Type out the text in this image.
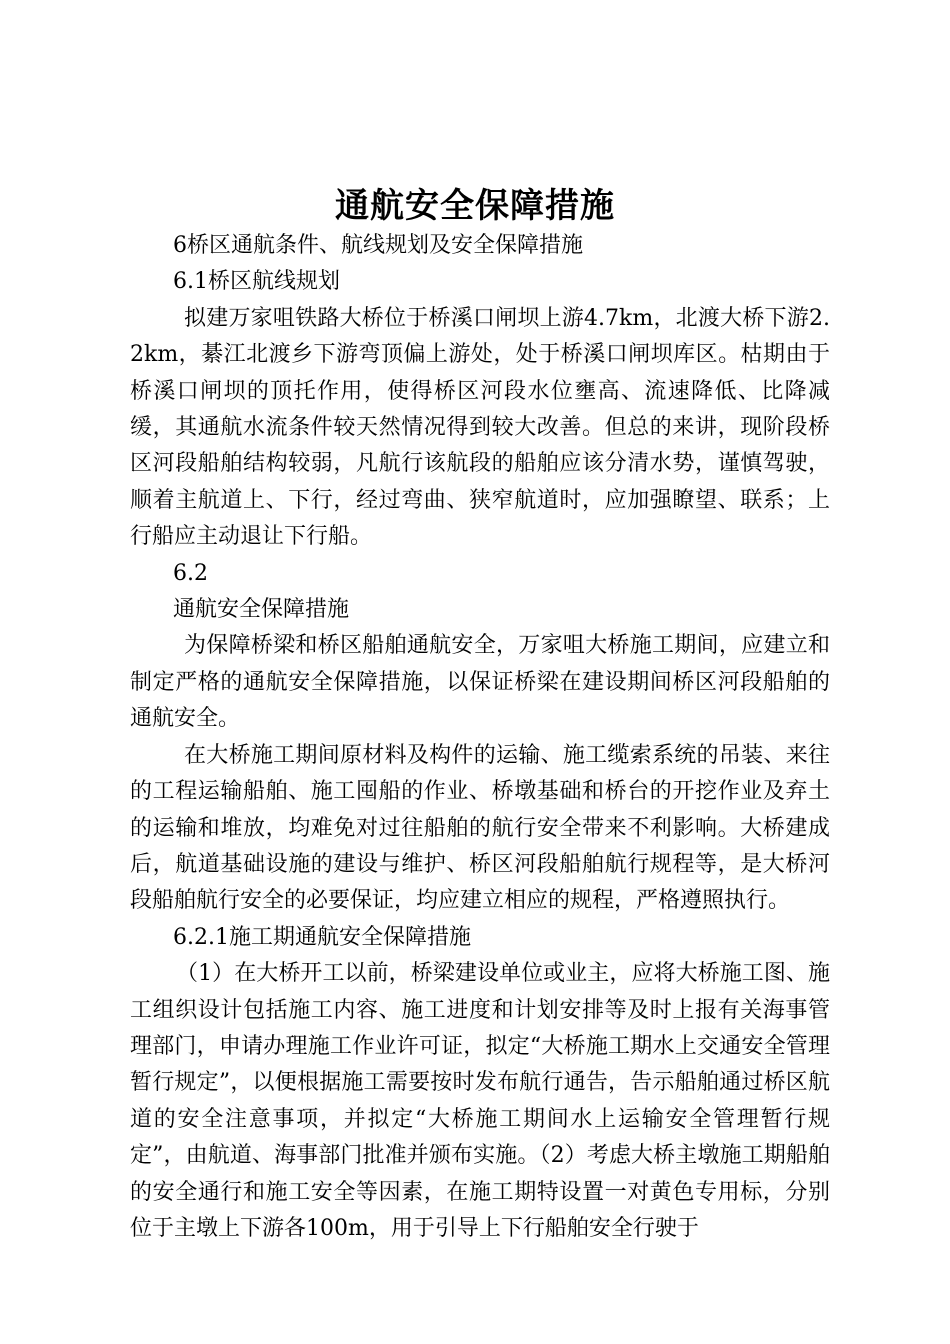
通航安全保障措施

6桥区通航条件、航线规划及安全保障措施

6.1桥区航线规划

拟建万家咀铁路大桥位于桥溪口闸坝上游4.7km，北渡大桥下游2.2km，綦江北渡乡下游弯顶偏上游处，处于桥溪口闸坝库区。枯期由于桥溪口闸坝的顶托作用，使得桥区河段水位壅高、流速降低、比降减缓，其通航水流条件较天然情况得到较大改善。但总的来讲，现阶段桥区河段船舶结构较弱，凡航行该航段的船舶应该分清水势，谨慎驾驶，顺着主航道上、下行，经过弯曲、狭窄航道时，应加强瞭望、联系；上行船应主动退让下行船。

6.2

通航安全保障措施

为保障桥梁和桥区船舶通航安全，万家咀大桥施工期间，应建立和制定严格的通航安全保障措施，以保证桥梁在建设期间桥区河段船舶的通航安全。

在大桥施工期间原材料及构件的运输、施工缆索系统的吊装、来往的工程运输船舶、施工囤船的作业、桥墩基础和桥台的开挖作业及弃土的运输和堆放，均难免对过往船舶的航行安全带来不利影响。大桥建成后，航道基础设施的建设与维护、桥区河段船舶航行规程等，是大桥河段船舶航行安全的必要保证，均应建立相应的规程，严格遵照执行。

6.2.1施工期通航安全保障措施

（1）在大桥开工以前，桥梁建设单位或业主，应将大桥施工图、施工组织设计包括施工内容、施工进度和计划安排等及时上报有关海事管理部门，申请办理施工作业许可证，拟定“大桥施工期水上交通安全管理暂行规定”，以便根据施工需要按时发布航行通告，告示船舶通过桥区航道的安全注意事项，并拟定“大桥施工期间水上运输安全管理暂行规定”，由航道、海事部门批准并颁布实施。（2）考虑大桥主墩施工期船舶的安全通行和施工安全等因素，在施工期特设置一对黄色专用标，分别位于主墩上下游各100m，用于引导上下行船舶安全行驶于
